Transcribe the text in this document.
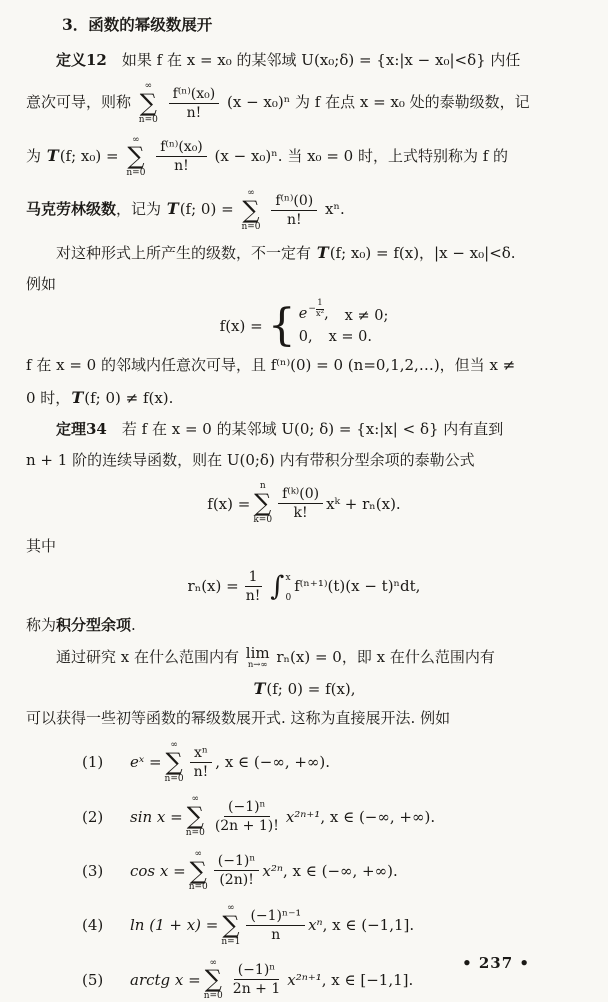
3．函数的幂级数展开
定义12　如果 f 在 x = x₀ 的某邻域 U(x₀;δ) = {x:|x − x₀|<δ} 内任
意次可导，则称
∞
∑
n=0
$\frac{\text{f⁽ⁿ⁾(x₀)}}{n!} (x - x_0)^n$ 为 f 在点 x = x₀ 处的泰勒级数，记
为 T(f; x₀) =
∞
∑
n=0
$\frac{\text{f⁽ⁿ⁾(x₀)}}{n!} (x - x_0)^n$. 当 x₀ = 0 时，上式特别称为 f 的
马克劳林级数，记为 T(f; 0) =
∞
∑
n=0
$\frac{\text{f⁽ⁿ⁾(0)}}{n!} x^n$.
对这种形式上所产生的级数，不一定有 T(f; x₀) = f(x)，|x − x₀|<δ.
例如
f(x) = { $e - \frac{1}{\text{x²}}$ , x ≠ 0;
0, x = 0.
f 在 x = 0 的邻域内任意次可导，且 f⁽ⁿ⁾(0) = 0 (n=0,1,2,…)，但当 x ≠
0 时，T(f; 0) ≠ f(x).
定理34　若 f 在 x = 0 的某邻域 U(0; δ) = {x:|x| < δ} 内有直到
n + 1 阶的连续导函数，则在 U(0;δ) 内有带积分型余项的泰勒公式
f(x) =
n
∑
$k=0 \frac{\text{f⁽ᵏ⁾(0)}}{k!}$ xᵏ + rₙ(x).
其中
$r_n(x) = \frac{1}{n!}$ ∫ x
0
f⁽ⁿ⁺¹⁾(t)(x − t)ⁿdt,
称为积分型余项.
通过研究 x 在什么范围内有 lim
n→∞ rₙ(x) = 0，即 x 在什么范围内有
T (f; 0) = f(x),
可以获得一些初等函数的幂级数展开式. 这称为直接展开法. 例如
(1)	eˣ =
∞
∑
$n=0 \frac{\text{xⁿ}}{n!}$ , x ∈ (−∞, +∞).
(2)	sin x =
∞
∑
$n=0 \frac{\text{(−1)ⁿ}}{(2n + 1)!} x^{2n+1}$ , x ∈ (−∞, +∞).
(3)	cos x =
∞
∑
$n=0 \frac{\text{(−1)ⁿ}}{(2n)!} x^{2n}$ , x ∈ (−∞, +∞).
(4)	ln (1 + x) =
∞
∑
$n=1 \frac{\text{(−1)ⁿ⁻¹}}{n}$ xⁿ , x ∈ (−1,1].
(5)	arctg x =
∞
∑
$n=0 \frac{\text{(−1)ⁿ}}{2n + 1} x^{2n+1}$ , x ∈ [−1,1].
• 237 •
